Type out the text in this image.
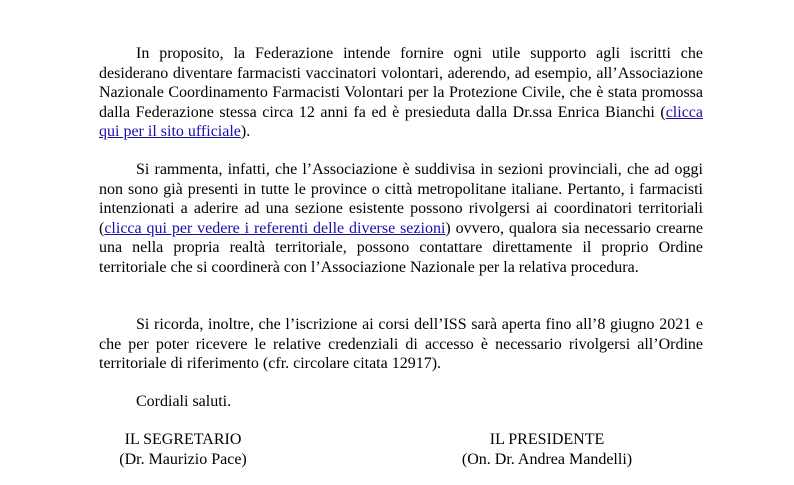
In proposito, la Federazione intende fornire ogni utile supporto agli iscritti che desiderano diventare farmacisti vaccinatori volontari, aderendo, ad esempio, all’Associazione Nazionale Coordinamento Farmacisti Volontari per la Protezione Civile, che è stata promossa dalla Federazione stessa circa 12 anni fa ed è presieduta dalla Dr.ssa Enrica Bianchi (clicca qui per il sito ufficiale).

Si rammenta, infatti, che l’Associazione è suddivisa in sezioni provinciali, che ad oggi non sono già presenti in tutte le province o città metropolitane italiane. Pertanto, i farmacisti intenzionati a aderire ad una sezione esistente possono rivolgersi ai coordinatori territoriali (clicca qui per vedere i referenti delle diverse sezioni) ovvero, qualora sia necessario crearne una nella propria realtà territoriale, possono contattare direttamente il proprio Ordine territoriale che si coordinerà con l’Associazione Nazionale per la relativa procedura.

Si ricorda, inoltre, che l’iscrizione ai corsi dell’ISS sarà aperta fino all’8 giugno 2021 e che per poter ricevere le relative credenziali di accesso è necessario rivolgersi all’Ordine territoriale di riferimento (cfr. circolare citata 12917).

Cordiali saluti.

IL SEGRETARIO
(Dr. Maurizio Pace)
IL PRESIDENTE
(On. Dr. Andrea Mandelli)
